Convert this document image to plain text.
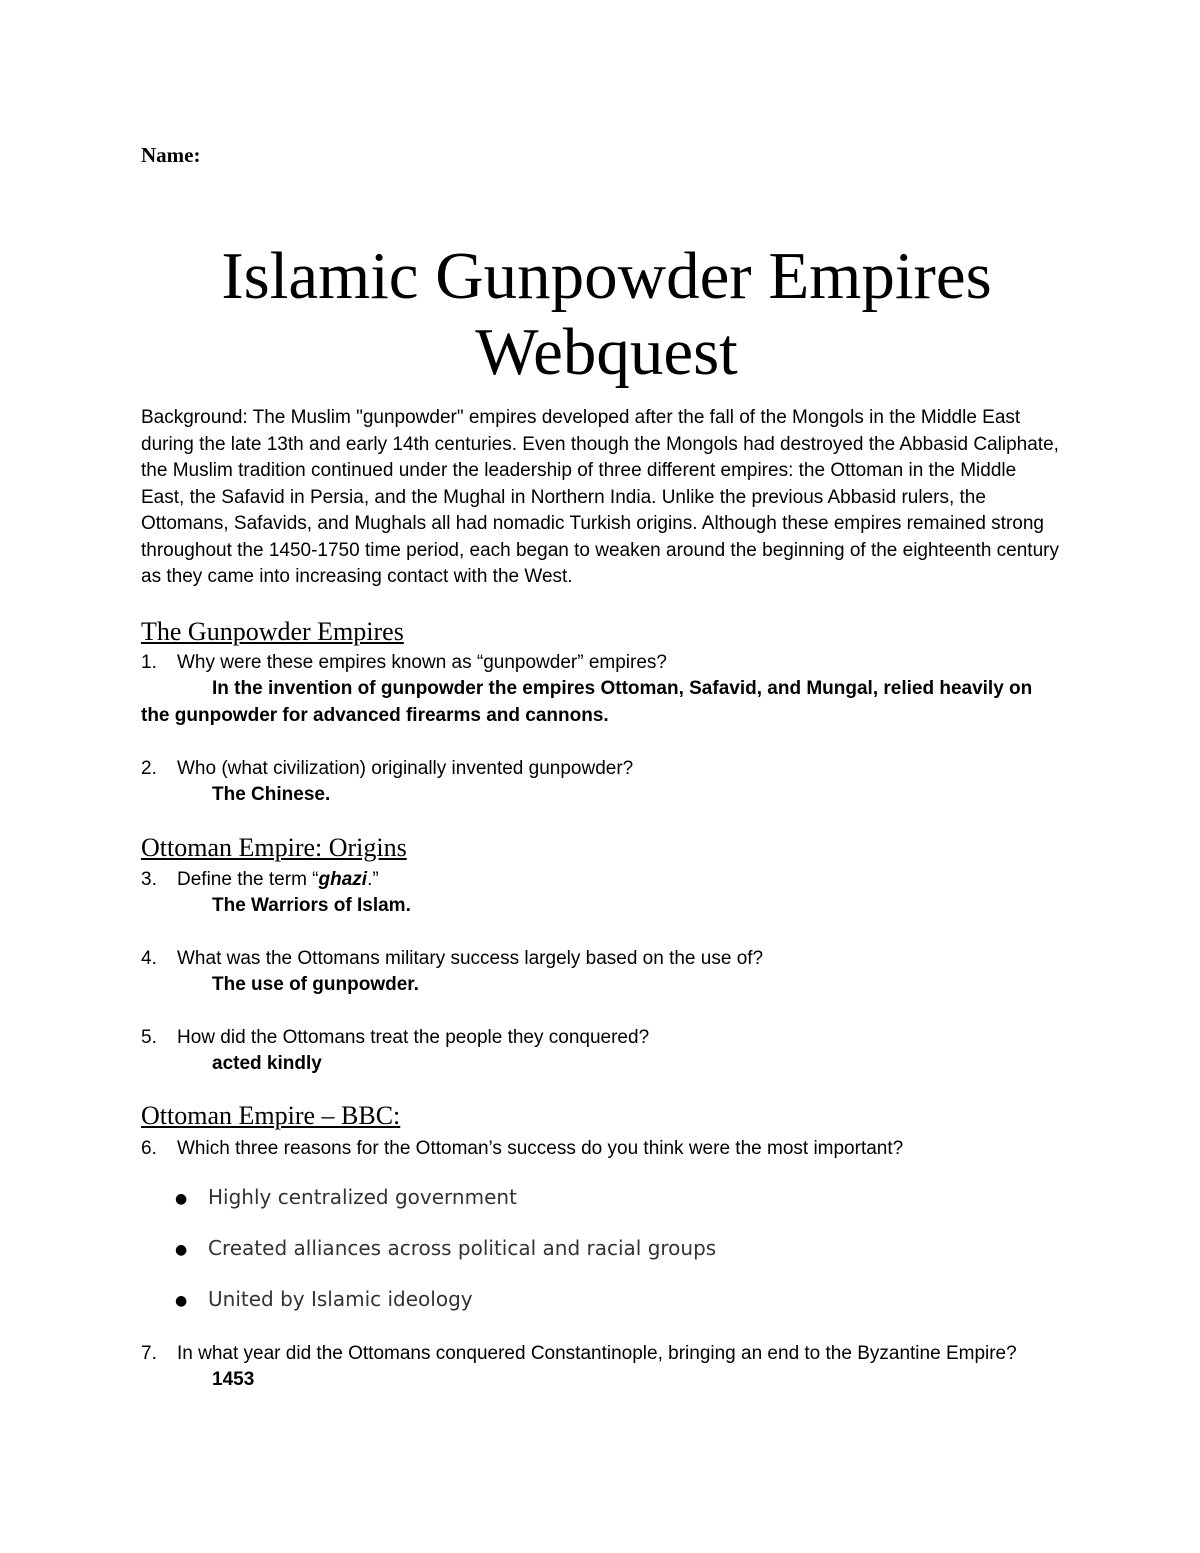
Name:
Islamic Gunpowder Empires
Webquest
Background: The Muslim "gunpowder" empires developed after the fall of the Mongols in the Middle East during the late 13th and early 14th centuries. Even though the Mongols had destroyed the Abbasid Caliphate, the Muslim tradition continued under the leadership of three different empires: the Ottoman in the Middle East, the Safavid in Persia, and the Mughal in Northern India. Unlike the previous Abbasid rulers, the Ottomans, Safavids, and Mughals all had nomadic Turkish origins. Although these empires remained strong throughout the 1450-1750 time period, each began to weaken around the beginning of the eighteenth century as they came into increasing contact with the West.
The Gunpowder Empires
1. Why were these empires known as “gunpowder” empires?
In the invention of gunpowder the empires Ottoman, Safavid, and Mungal, relied heavily on
the gunpowder for advanced firearms and cannons.
2. Who (what civilization) originally invented gunpowder?
The Chinese.
Ottoman Empire: Origins
3. Define the term “ghazi.”
The Warriors of Islam.
4. What was the Ottomans military success largely based on the use of?
The use of gunpowder.
5. How did the Ottomans treat the people they conquered?
acted kindly
Ottoman Empire – BBC:
6. Which three reasons for the Ottoman’s success do you think were the most important?
● Highly centralized government
● Created alliances across political and racial groups
● United by Islamic ideology
7. In what year did the Ottomans conquered Constantinople, bringing an end to the Byzantine Empire?
1453
